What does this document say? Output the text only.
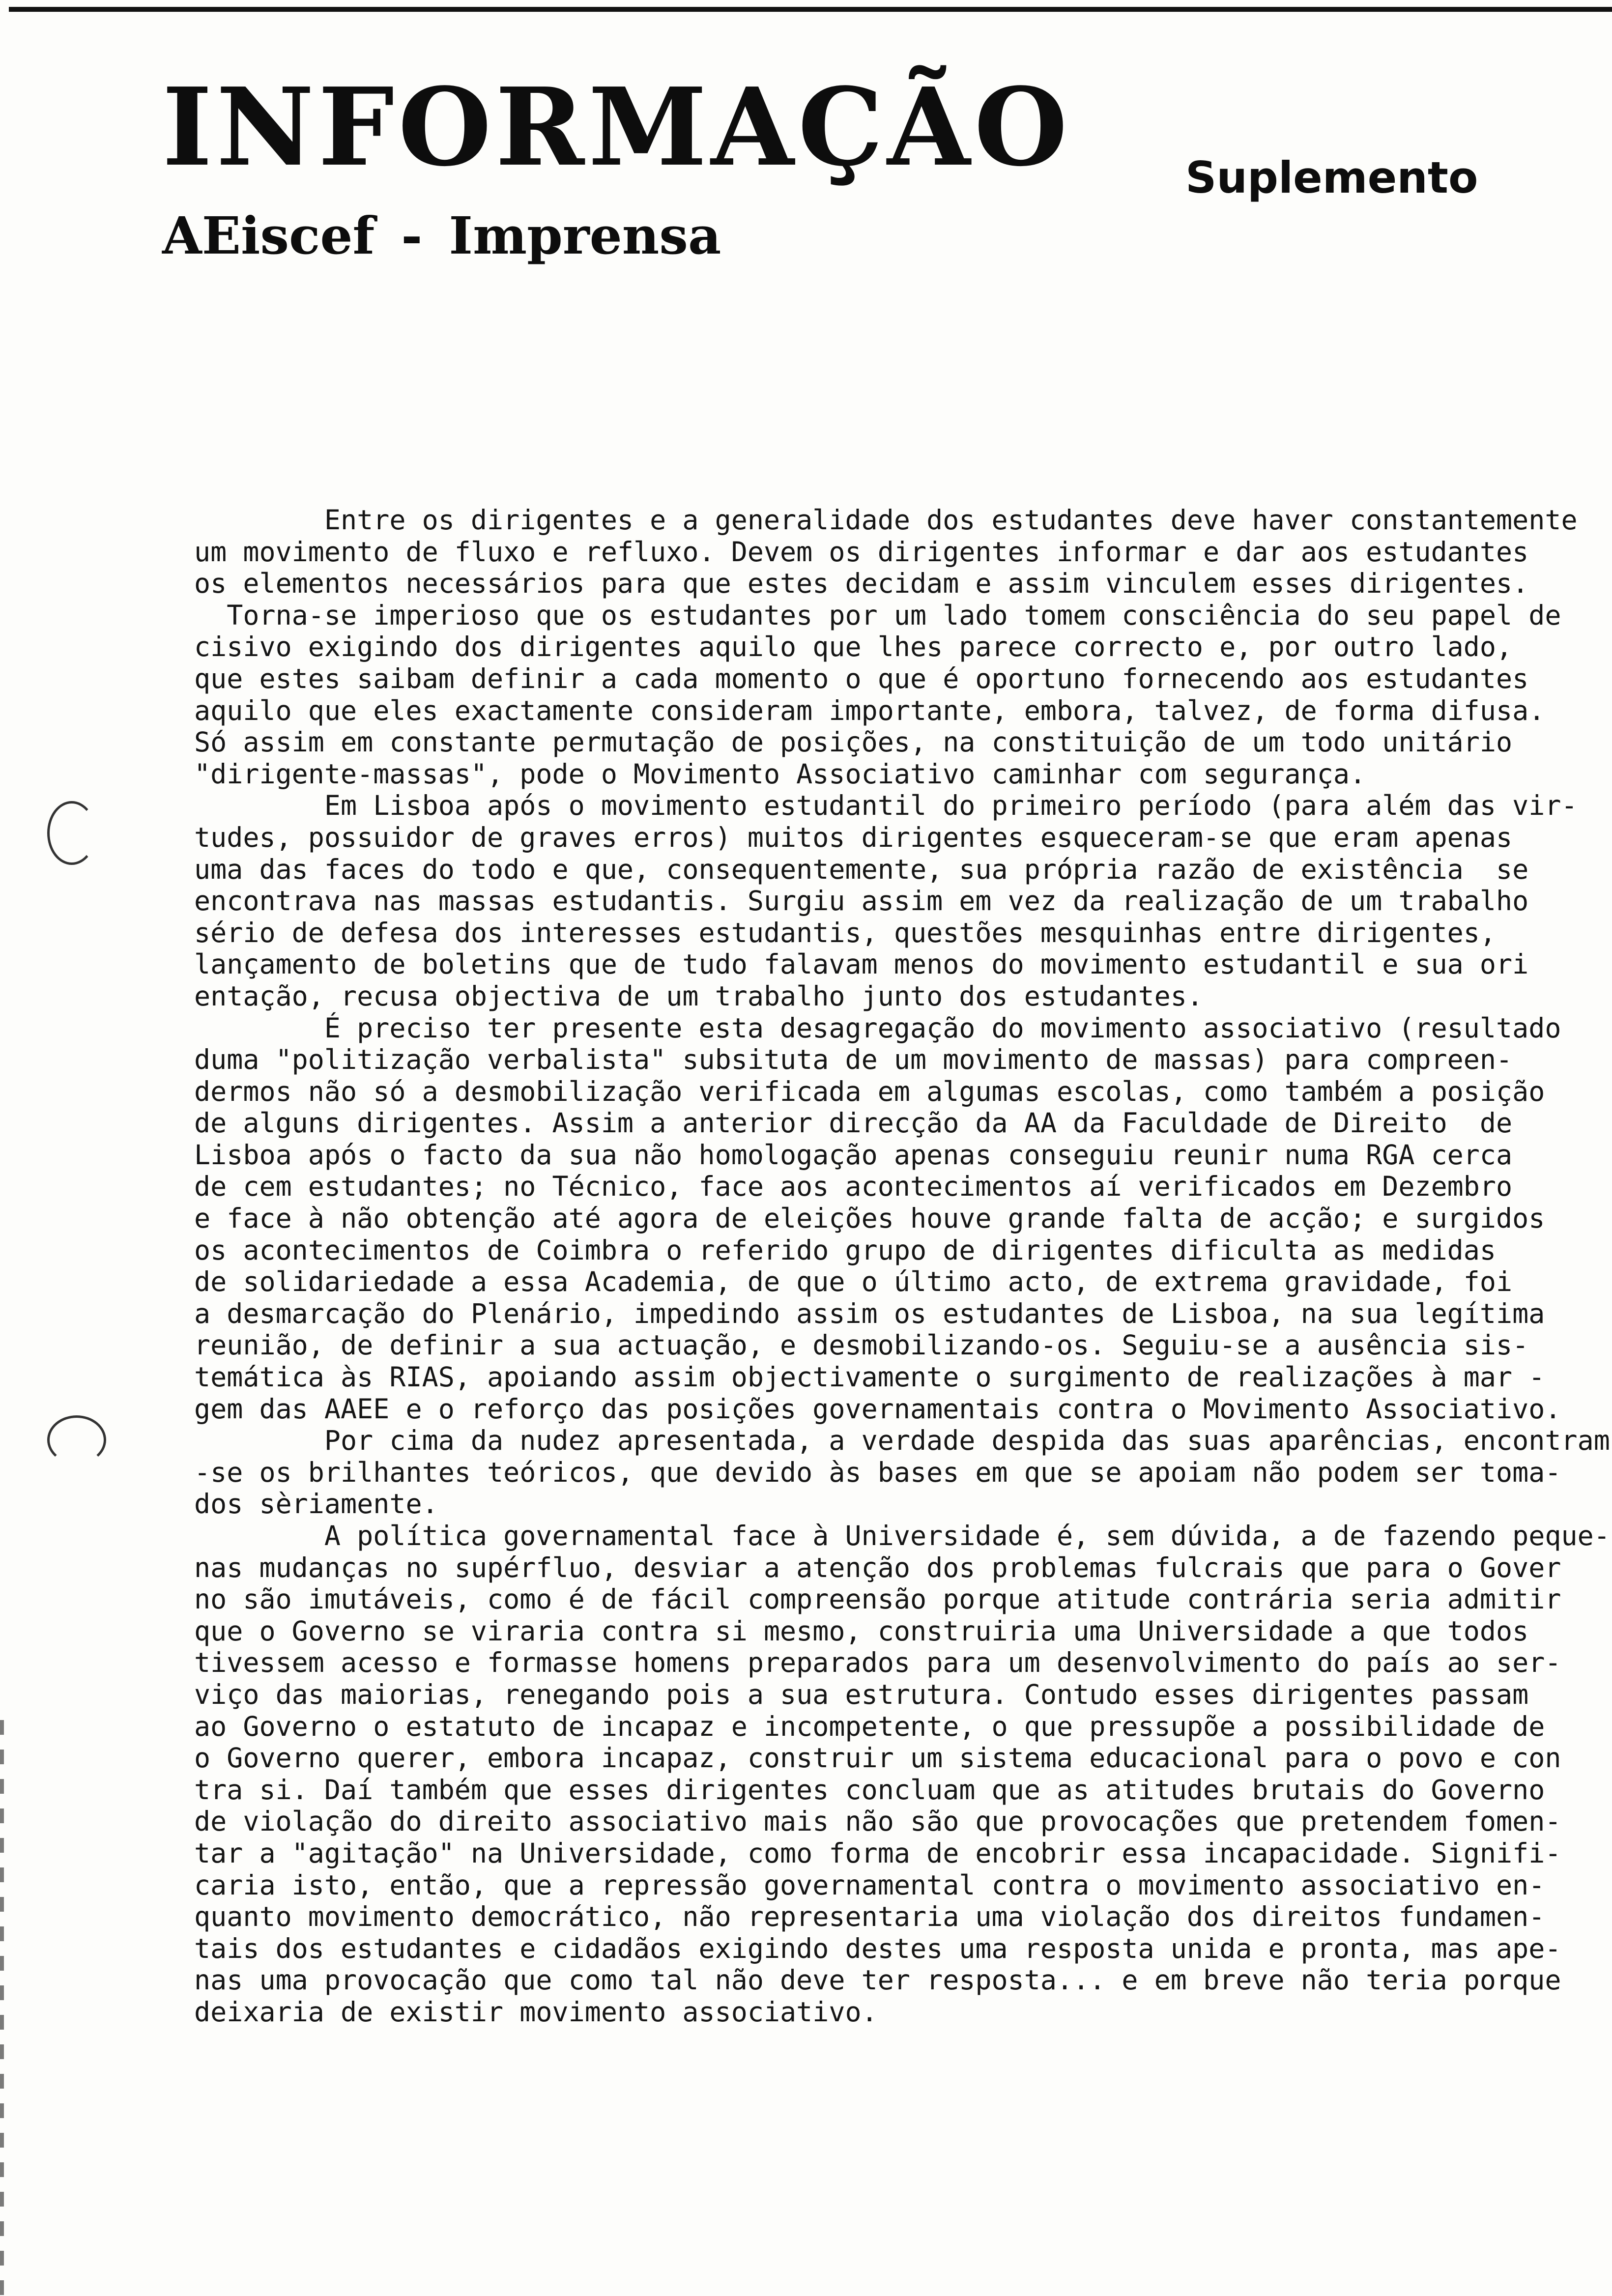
INFORMAÇÃO	Suplemento
AEiscef - Imprensa
Entre os dirigentes e a generalidade dos estudantes deve haver constantemente
um movimento de fluxo e refluxo. Devem os dirigentes informar e dar aos estudantes
os elementos necessários para que estes decidam e assim vinculem esses dirigentes.
Torna-se imperioso que os estudantes por um lado tomem consciência do seu papel de
cisivo exigindo dos dirigentes aquilo que lhes parece correcto e, por outro lado,
que estes saibam definir a cada momento o que é oportuno fornecendo aos estudantes
aquilo que eles exactamente consideram importante, embora, talvez, de forma difusa.
Só assim em constante permutação de posições, na constituição de um todo unitário
"dirigente-massas", pode o Movimento Associativo caminhar com segurança.
Em Lisboa após o movimento estudantil do primeiro período (para além das vir-
tudes, possuidor de graves erros) muitos dirigentes esqueceram-se que eram apenas
uma das faces do todo e que, consequentemente, sua própria razão de existência  se
encontrava nas massas estudantis. Surgiu assim em vez da realização de um trabalho
sério de defesa dos interesses estudantis, questões mesquinhas entre dirigentes,
lançamento de boletins que de tudo falavam menos do movimento estudantil e sua ori
entação, recusa objectiva de um trabalho junto dos estudantes.
É preciso ter presente esta desagregação do movimento associativo (resultado
duma "politização verbalista" subsituta de um movimento de massas) para compreen-
dermos não só a desmobilização verificada em algumas escolas, como também a posição
de alguns dirigentes. Assim a anterior direcção da AA da Faculdade de Direito  de
Lisboa após o facto da sua não homologação apenas conseguiu reunir numa RGA cerca
de cem estudantes; no Técnico, face aos acontecimentos aí verificados em Dezembro
e face à não obtenção até agora de eleições houve grande falta de acção; e surgidos
os acontecimentos de Coimbra o referido grupo de dirigentes dificulta as medidas
de solidariedade a essa Academia, de que o último acto, de extrema gravidade, foi
a desmarcação do Plenário, impedindo assim os estudantes de Lisboa, na sua legítima
reunião, de definir a sua actuação, e desmobilizando-os. Seguiu-se a ausência sis-
temática às RIAS, apoiando assim objectivamente o surgimento de realizações à mar -
gem das AAEE e o reforço das posições governamentais contra o Movimento Associativo.
Por cima da nudez apresentada, a verdade despida das suas aparências, encontram
-se os brilhantes teóricos, que devido às bases em que se apoiam não podem ser toma-
dos sèriamente.
A política governamental face à Universidade é, sem dúvida, a de fazendo peque-
nas mudanças no supérfluo, desviar a atenção dos problemas fulcrais que para o Gover
no são imutáveis, como é de fácil compreensão porque atitude contrária seria admitir
que o Governo se viraria contra si mesmo, construiria uma Universidade a que todos
tivessem acesso e formasse homens preparados para um desenvolvimento do país ao ser-
viço das maiorias, renegando pois a sua estrutura. Contudo esses dirigentes passam
ao Governo o estatuto de incapaz e incompetente, o que pressupõe a possibilidade de
o Governo querer, embora incapaz, construir um sistema educacional para o povo e con
tra si. Daí também que esses dirigentes concluam que as atitudes brutais do Governo
de violação do direito associativo mais não são que provocações que pretendem fomen-
tar a "agitação" na Universidade, como forma de encobrir essa incapacidade. Signifi-
caria isto, então, que a repressão governamental contra o movimento associativo en-
quanto movimento democrático, não representaria uma violação dos direitos fundamen-
tais dos estudantes e cidadãos exigindo destes uma resposta unida e pronta, mas ape-
nas uma provocação que como tal não deve ter resposta... e em breve não teria porque
deixaria de existir movimento associativo.
